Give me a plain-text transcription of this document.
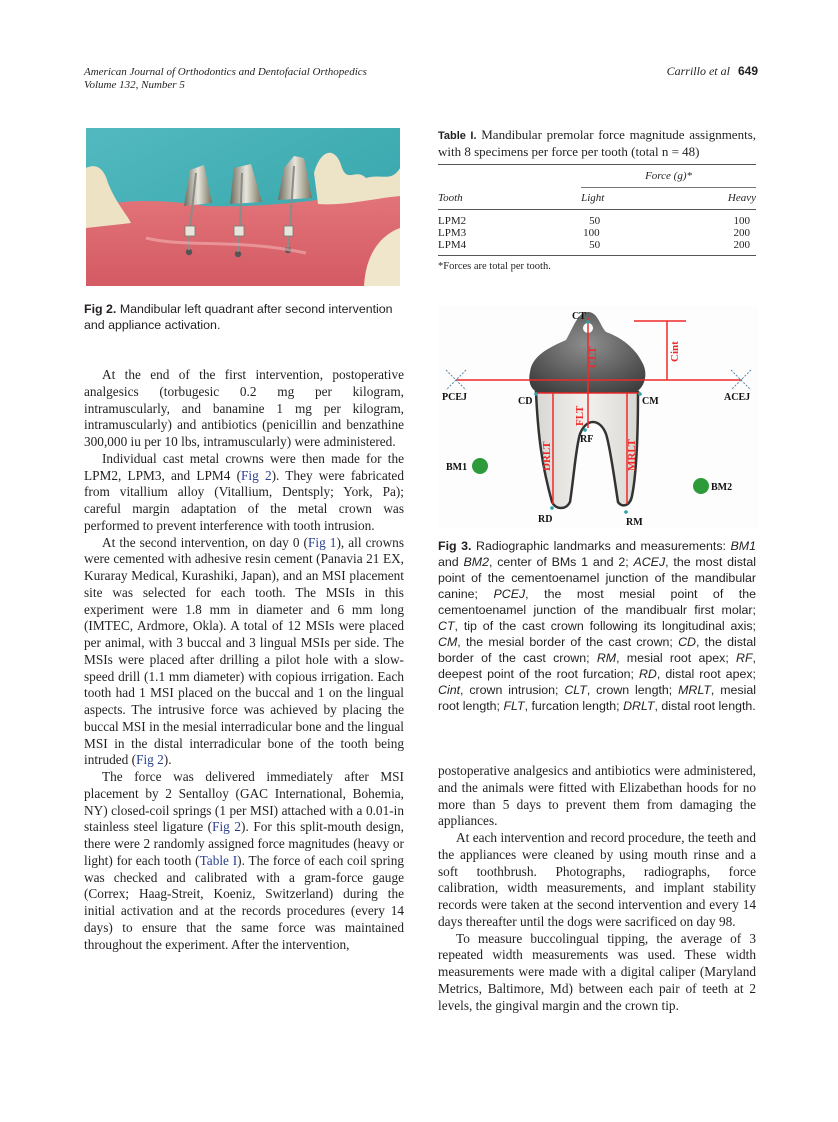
American Journal of Orthodontics and Dentofacial Orthopedics
Volume 132, Number 5
Carrillo et al 649
Fig 2. Mandibular left quadrant after second intervention and appliance activation.

At the end of the first intervention, postoperative analgesics (torbugesic 0.2 mg per kilogram, intramuscularly, and banamine 1 mg per kilogram, intramuscularly) and antibiotics (penicillin and benzathine 300,000 iu per 10 lbs, intramuscularly) were administered.

Individual cast metal crowns were then made for the LPM2, LPM3, and LPM4 (Fig 2). They were fabricated from vitallium alloy (Vitallium, Dentsply; York, Pa); careful margin adaptation of the metal crown was performed to prevent interference with tooth intrusion.

At the second intervention, on day 0 (Fig 1), all crowns were cemented with adhesive resin cement (Panavia 21 EX, Kuraray Medical, Kurashiki, Japan), and an MSI placement site was selected for each tooth. The MSIs in this experiment were 1.8 mm in diameter and 6 mm long (IMTEC, Ardmore, Okla). A total of 12 MSIs were placed per animal, with 3 buccal and 3 lingual MSIs per side. The MSIs were placed after drilling a pilot hole with a slow-speed drill (1.1 mm diameter) with copious irrigation. Each tooth had 1 MSI placed on the buccal and 1 on the lingual aspects. The intrusive force was achieved by placing the buccal MSI in the mesial interradicular bone and the lingual MSI in the distal interradicular bone of the tooth being intruded (Fig 2).

The force was delivered immediately after MSI placement by 2 Sentalloy (GAC International, Bohemia, NY) closed-coil springs (1 per MSI) attached with a 0.01-in stainless steel ligature (Fig 2). For this split-mouth design, there were 2 randomly assigned force magnitudes (heavy or light) for each tooth (Table I). The force of each coil spring was checked and calibrated with a gram-force gauge (Correx; Haag-Streit, Koeniz, Switzerland) during the initial activation and at the records procedures (every 14 days) to ensure that the same force was maintained throughout the experiment. After the intervention,

Table I. Mandibular premolar force magnitude assignments, with 8 specimens per force per tooth (total n = 48)
	Force (g)*	
Tooth	Light	Heavy
LPM2	50	100
LPM3	100	200
LPM4	50	200
*Forces are total per tooth.
CLT
FLT
DRLT	MRLT
Cint
CT
PCEJ	ACEJ
CD	CM
RF
BM1
BM2
RD	RM
Fig 3. Radiographic landmarks and measurements: BM1 and BM2, center of BMs 1 and 2; ACEJ, the most distal point of the cementoenamel junction of the mandibular canine; PCEJ, the most mesial point of the cementoenamel junction of the mandibualr first molar; CT, tip of the cast crown following its longitudinal axis; CM, the mesial border of the cast crown; CD, the distal border of the cast crown; RM, mesial root apex; RF, deepest point of the root furcation; RD, distal root apex; Cint, crown intrusion; CLT, crown length; MRLT, mesial root length; FLT, furcation length; DRLT, distal root length.

postoperative analgesics and antibiotics were administered, and the animals were fitted with Elizabethan hoods for no more than 5 days to prevent them from damaging the appliances.

At each intervention and record procedure, the teeth and the appliances were cleaned by using mouth rinse and a soft toothbrush. Photographs, radiographs, force calibration, width measurements, and implant stability records were taken at the second intervention and every 14 days thereafter until the dogs were sacrificed on day 98.

To measure buccolingual tipping, the average of 3 repeated width measurements was used. These width measurements were made with a digital caliper (Maryland Metrics, Baltimore, Md) between each pair of teeth at 2 levels, the gingival margin and the crown tip.
